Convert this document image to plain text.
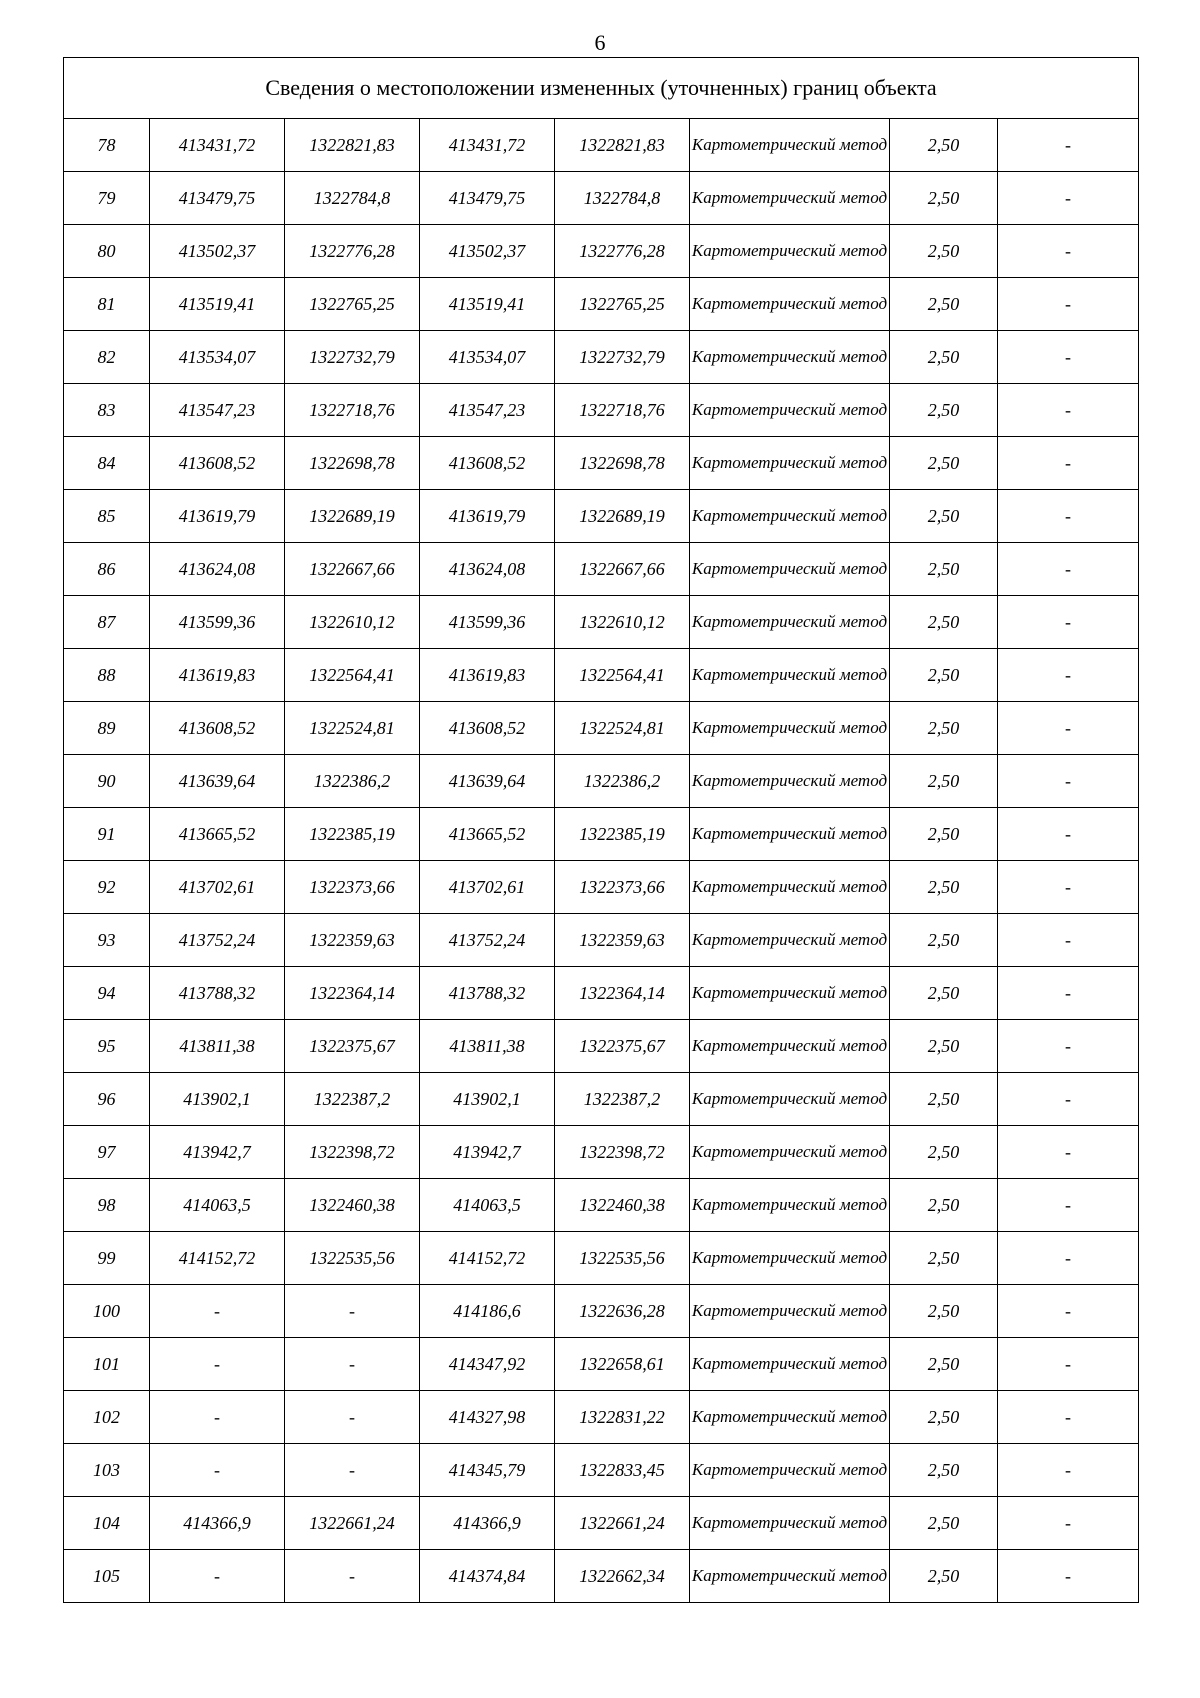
6
Сведения о местоположении измененных (уточненных) границ объекта							
78	413431,72	1322821,83	413431,72	1322821,83	Картометрический метод	2,50	-
79	413479,75	1322784,8	413479,75	1322784,8	Картометрический метод	2,50	-
80	413502,37	1322776,28	413502,37	1322776,28	Картометрический метод	2,50	-
81	413519,41	1322765,25	413519,41	1322765,25	Картометрический метод	2,50	-
82	413534,07	1322732,79	413534,07	1322732,79	Картометрический метод	2,50	-
83	413547,23	1322718,76	413547,23	1322718,76	Картометрический метод	2,50	-
84	413608,52	1322698,78	413608,52	1322698,78	Картометрический метод	2,50	-
85	413619,79	1322689,19	413619,79	1322689,19	Картометрический метод	2,50	-
86	413624,08	1322667,66	413624,08	1322667,66	Картометрический метод	2,50	-
87	413599,36	1322610,12	413599,36	1322610,12	Картометрический метод	2,50	-
88	413619,83	1322564,41	413619,83	1322564,41	Картометрический метод	2,50	-
89	413608,52	1322524,81	413608,52	1322524,81	Картометрический метод	2,50	-
90	413639,64	1322386,2	413639,64	1322386,2	Картометрический метод	2,50	-
91	413665,52	1322385,19	413665,52	1322385,19	Картометрический метод	2,50	-
92	413702,61	1322373,66	413702,61	1322373,66	Картометрический метод	2,50	-
93	413752,24	1322359,63	413752,24	1322359,63	Картометрический метод	2,50	-
94	413788,32	1322364,14	413788,32	1322364,14	Картометрический метод	2,50	-
95	413811,38	1322375,67	413811,38	1322375,67	Картометрический метод	2,50	-
96	413902,1	1322387,2	413902,1	1322387,2	Картометрический метод	2,50	-
97	413942,7	1322398,72	413942,7	1322398,72	Картометрический метод	2,50	-
98	414063,5	1322460,38	414063,5	1322460,38	Картометрический метод	2,50	-
99	414152,72	1322535,56	414152,72	1322535,56	Картометрический метод	2,50	-
100	-	-	414186,6	1322636,28	Картометрический метод	2,50	-
101	-	-	414347,92	1322658,61	Картометрический метод	2,50	-
102	-	-	414327,98	1322831,22	Картометрический метод	2,50	-
103	-	-	414345,79	1322833,45	Картометрический метод	2,50	-
104	414366,9	1322661,24	414366,9	1322661,24	Картометрический метод	2,50	-
105	-	-	414374,84	1322662,34	Картометрический метод	2,50	-
